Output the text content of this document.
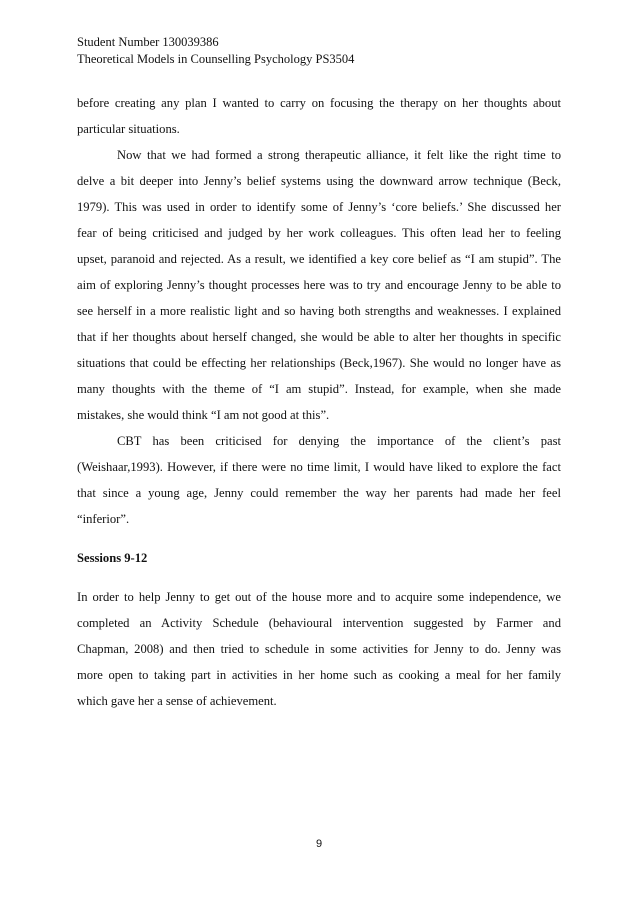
Student Number 130039386
Theoretical Models in Counselling Psychology PS3504
before creating any plan I wanted to carry on focusing the therapy on her thoughts about
particular situations.
Now that we had formed a strong therapeutic alliance, it felt like the right time to
delve a bit deeper into Jenny’s belief systems using the downward arrow technique (Beck,
1979). This was used in order to identify some of Jenny’s ‘core beliefs.’ She discussed her
fear of being criticised and judged by her work colleagues. This often lead her to feeling
upset, paranoid and rejected. As a result, we identified a key core belief as “I am stupid”. The
aim of exploring Jenny’s thought processes here was to try and encourage Jenny to be able to
see herself in a more realistic light and so having both strengths and weaknesses. I explained
that if her thoughts about herself changed, she would be able to alter her thoughts in specific
situations that could be effecting her relationships (Beck,1967). She would no longer have as
many thoughts with the theme of “I am stupid”. Instead, for example, when she made
mistakes, she would think “I am not good at this”.
CBT has been criticised for denying the importance of the client’s past
(Weishaar,1993). However, if there were no time limit, I would have liked to explore the fact
that since a young age, Jenny could remember the way her parents had made her feel
“inferior”.
Sessions 9-12
In order to help Jenny to get out of the house more and to acquire some independence, we
completed an Activity Schedule (behavioural intervention suggested by Farmer and
Chapman, 2008) and then tried to schedule in some activities for Jenny to do. Jenny was
more open to taking part in activities in her home such as cooking a meal for her family
which gave her a sense of achievement.
9
